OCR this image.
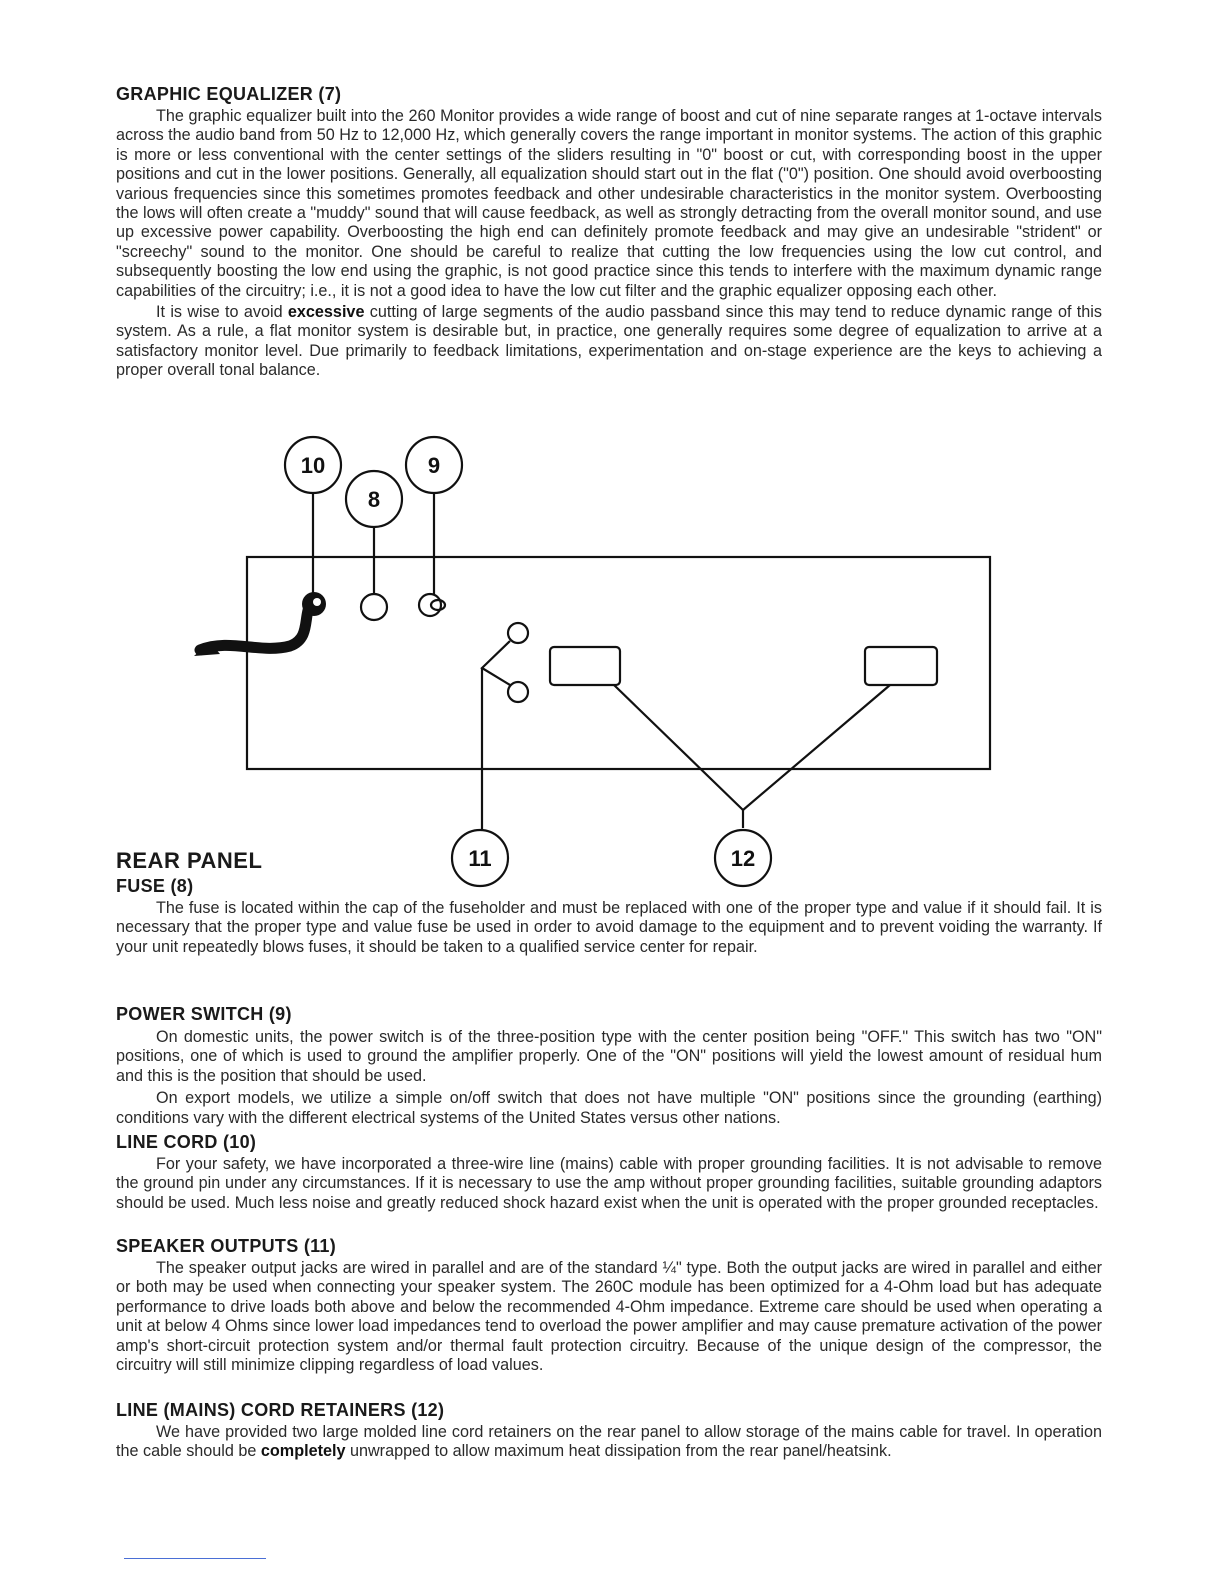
GRAPHIC EQUALIZER (7)

The graphic equalizer built into the 260 Monitor provides a wide range of boost and cut of nine separate ranges at 1-octave intervals across the audio band from 50 Hz to 12,000 Hz, which generally covers the range important in monitor systems. The action of this graphic is more or less conventional with the center settings of the sliders resulting in "0" boost or cut, with corresponding boost in the upper positions and cut in the lower positions. Generally, all equalization should start out in the flat ("0") position. One should avoid overboosting various frequencies since this sometimes promotes feedback and other undesirable characteristics in the monitor system. Overboosting the lows will often create a "muddy" sound that will cause feedback, as well as strongly detracting from the overall monitor sound, and use up excessive power capability. Overboosting the high end can definitely promote feedback and may give an undesirable "strident" or "screechy" sound to the monitor. One should be careful to realize that cutting the low frequencies using the low cut control, and subsequently boosting the low end using the graphic, is not good practice since this tends to interfere with the maximum dynamic range capabilities of the circuitry; i.e., it is not a good idea to have the low cut filter and the graphic equalizer opposing each other.

It is wise to avoid excessive cutting of large segments of the audio passband since this may tend to reduce dynamic range of this system. As a rule, a flat monitor system is desirable but, in practice, one generally requires some degree of equalization to arrive at a satisfactory monitor level. Due primarily to feedback limitations, experimentation and on-stage experience are the keys to achieving a proper overall tonal balance.

10
8
9
11	12
REAR PANEL
FUSE (8)

The fuse is located within the cap of the fuseholder and must be replaced with one of the proper type and value if it should fail. It is necessary that the proper type and value fuse be used in order to avoid damage to the equipment and to prevent voiding the warranty. If your unit repeatedly blows fuses, it should be taken to a qualified service center for repair.

POWER SWITCH (9)

On domestic units, the power switch is of the three-position type with the center position being "OFF." This switch has two "ON" positions, one of which is used to ground the amplifier properly. One of the "ON" positions will yield the lowest amount of residual hum and this is the position that should be used.

On export models, we utilize a simple on/off switch that does not have multiple "ON" positions since the grounding (earthing) conditions vary with the different electrical systems of the United States versus other nations.

LINE CORD (10)

For your safety, we have incorporated a three-wire line (mains) cable with proper grounding facilities. It is not advisable to remove the ground pin under any circumstances. If it is necessary to use the amp without proper grounding facilities, suitable grounding adaptors should be used. Much less noise and greatly reduced shock hazard exist when the unit is operated with the proper grounded receptacles.

SPEAKER OUTPUTS (11)

The speaker output jacks are wired in parallel and are of the standard ¼" type. Both the output jacks are wired in parallel and either or both may be used when connecting your speaker system. The 260C module has been optimized for a 4-Ohm load but has adequate performance to drive loads both above and below the recommended 4-Ohm impedance. Extreme care should be used when operating a unit at below 4 Ohms since lower load impedances tend to overload the power amplifier and may cause premature activation of the power amp's short-circuit protection system and/or thermal fault protection circuitry. Because of the unique design of the compressor, the circuitry will still minimize clipping regardless of load values.

LINE (MAINS) CORD RETAINERS (12)

We have provided two large molded line cord retainers on the rear panel to allow storage of the mains cable for travel. In operation the cable should be completely unwrapped to allow maximum heat dissipation from the rear panel/heatsink.
